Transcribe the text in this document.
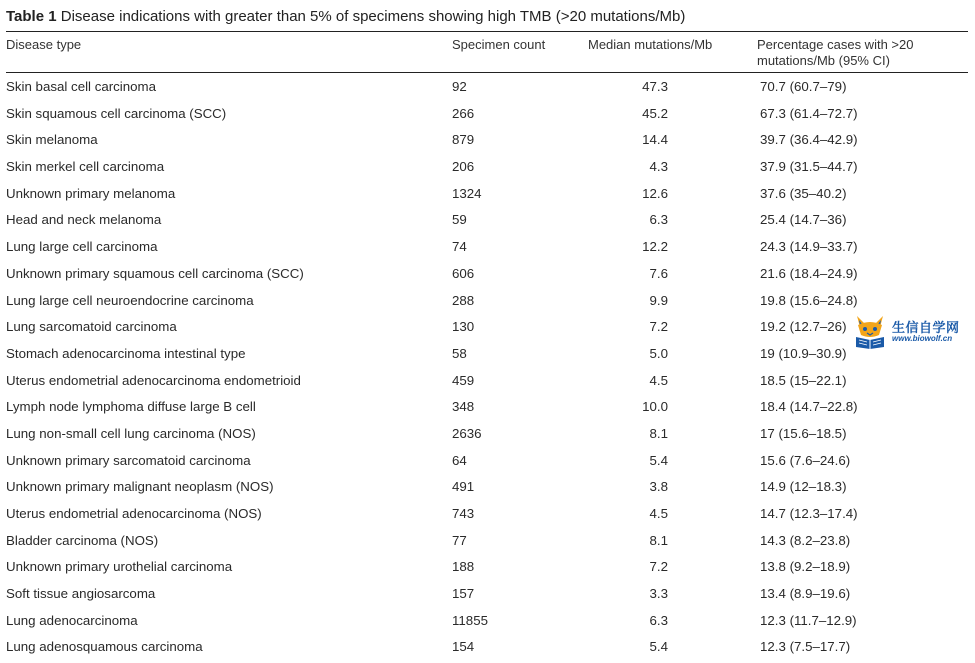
Table 1 Disease indications with greater than 5% of specimens showing high TMB (>20 mutations/Mb)
Disease type	Specimen count	Median mutations/Mb	Percentage cases with >20 mutations/Mb (95% CI)
Skin basal cell carcinoma	92	47.3	70.7 (60.7–79)
Skin squamous cell carcinoma (SCC)	266	45.2	67.3 (61.4–72.7)
Skin melanoma	879	14.4	39.7 (36.4–42.9)
Skin merkel cell carcinoma	206	4.3	37.9 (31.5–44.7)
Unknown primary melanoma	1324	12.6	37.6 (35–40.2)
Head and neck melanoma	59	6.3	25.4 (14.7–36)
Lung large cell carcinoma	74	12.2	24.3 (14.9–33.7)
Unknown primary squamous cell carcinoma (SCC)	606	7.6	21.6 (18.4–24.9)
Lung large cell neuroendocrine carcinoma	288	9.9	19.8 (15.6–24.8)
Lung sarcomatoid carcinoma	130	7.2	19.2 (12.7–26)
Stomach adenocarcinoma intestinal type	58	5.0	19 (10.9–30.9)
Uterus endometrial adenocarcinoma endometrioid	459	4.5	18.5 (15–22.1)
Lymph node lymphoma diffuse large B cell	348	10.0	18.4 (14.7–22.8)
Lung non-small cell lung carcinoma (NOS)	2636	8.1	17 (15.6–18.5)
Unknown primary sarcomatoid carcinoma	64	5.4	15.6 (7.6–24.6)
Unknown primary malignant neoplasm (NOS)	491	3.8	14.9 (12–18.3)
Uterus endometrial adenocarcinoma (NOS)	743	4.5	14.7 (12.3–17.4)
Bladder carcinoma (NOS)	77	8.1	14.3 (8.2–23.8)
Unknown primary urothelial carcinoma	188	7.2	13.8 (9.2–18.9)
Soft tissue angiosarcoma	157	3.3	13.4 (8.9–19.6)
Lung adenocarcinoma	11855	6.3	12.3 (11.7–12.9)
Lung adenosquamous carcinoma	154	5.4	12.3 (7.5–17.7)
生信自学网
www.biowolf.cn
